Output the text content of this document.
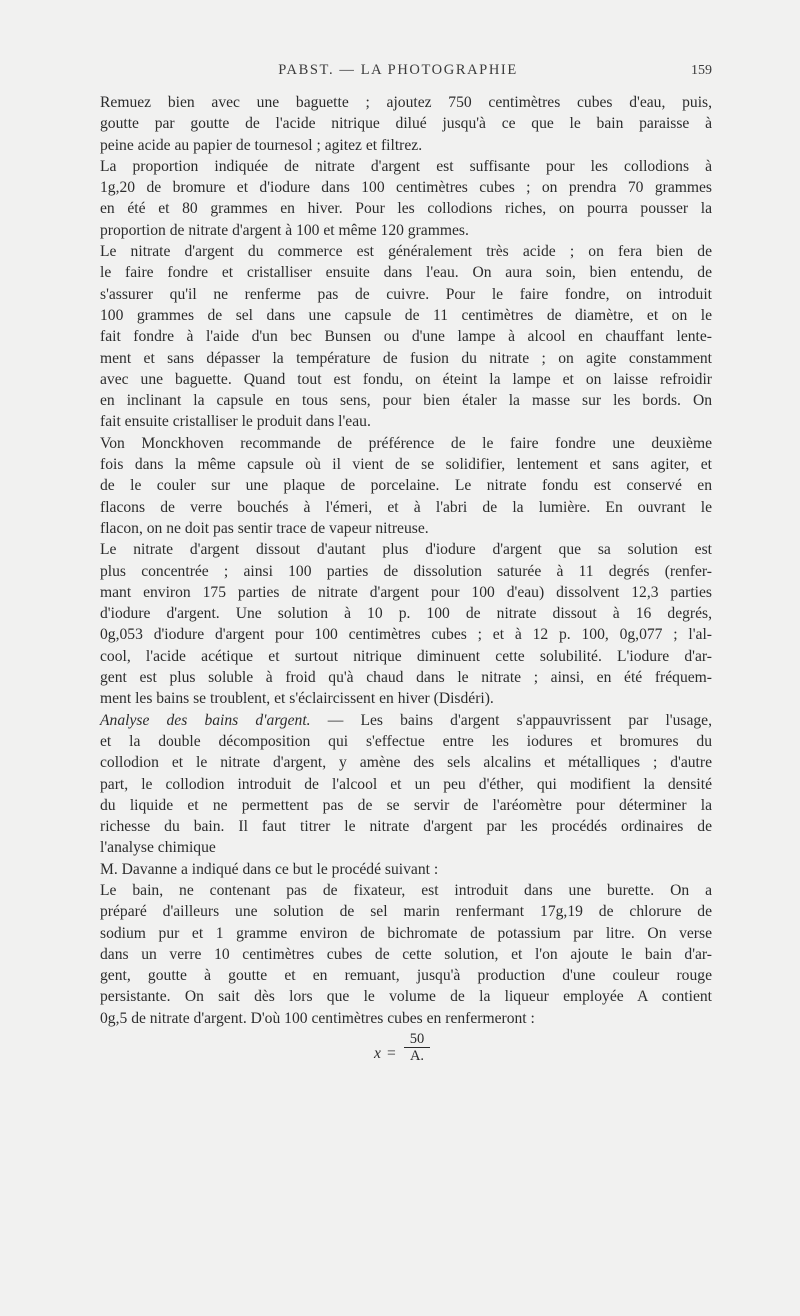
PABST. — LA PHOTOGRAPHIE	159

Remuez bien avec une baguette ; ajoutez 750 centimètres cubes d'eau, puis,
goutte par goutte de l'acide nitrique dilué jusqu'à ce que le bain paraisse à
peine acide au papier de tournesol ; agitez et filtrez.

La proportion indiquée de nitrate d'argent est suffisante pour les collodions à
1g,20 de bromure et d'iodure dans 100 centimètres cubes ; on prendra 70 grammes
en été et 80 grammes en hiver. Pour les collodions riches, on pourra pousser la
proportion de nitrate d'argent à 100 et même 120 grammes.

Le nitrate d'argent du commerce est généralement très acide ; on fera bien de
le faire fondre et cristalliser ensuite dans l'eau. On aura soin, bien entendu, de
s'assurer qu'il ne renferme pas de cuivre. Pour le faire fondre, on introduit
100 grammes de sel dans une capsule de 11 centimètres de diamètre, et on le
fait fondre à l'aide d'un bec Bunsen ou d'une lampe à alcool en chauffant lente-
ment et sans dépasser la température de fusion du nitrate ; on agite constamment
avec une baguette. Quand tout est fondu, on éteint la lampe et on laisse refroidir
en inclinant la capsule en tous sens, pour bien étaler la masse sur les bords. On
fait ensuite cristalliser le produit dans l'eau.

Von Monckhoven recommande de préférence de le faire fondre une deuxième
fois dans la même capsule où il vient de se solidifier, lentement et sans agiter, et
de le couler sur une plaque de porcelaine. Le nitrate fondu est conservé en
flacons de verre bouchés à l'émeri, et à l'abri de la lumière. En ouvrant le
flacon, on ne doit pas sentir trace de vapeur nitreuse.

Le nitrate d'argent dissout d'autant plus d'iodure d'argent que sa solution est
plus concentrée ; ainsi 100 parties de dissolution saturée à 11 degrés (renfer-
mant environ 175 parties de nitrate d'argent pour 100 d'eau) dissolvent 12,3 parties
d'iodure d'argent. Une solution à 10 p. 100 de nitrate dissout à 16 degrés,
0g,053 d'iodure d'argent pour 100 centimètres cubes ; et à 12 p. 100, 0g,077 ; l'al-
cool, l'acide acétique et surtout nitrique diminuent cette solubilité. L'iodure d'ar-
gent est plus soluble à froid qu'à chaud dans le nitrate ; ainsi, en été fréquem-
ment les bains se troublent, et s'éclaircissent en hiver (Disdéri).

Analyse des bains d'argent. — Les bains d'argent s'appauvrissent par l'usage,
et la double décomposition qui s'effectue entre les iodures et bromures du
collodion et le nitrate d'argent, y amène des sels alcalins et métalliques ; d'autre
part, le collodion introduit de l'alcool et un peu d'éther, qui modifient la densité
du liquide et ne permettent pas de se servir de l'aréomètre pour déterminer la
richesse du bain. Il faut titrer le nitrate d'argent par les procédés ordinaires de
l'analyse chimique

M. Davanne a indiqué dans ce but le procédé suivant :

Le bain, ne contenant pas de fixateur, est introduit dans une burette. On a
préparé d'ailleurs une solution de sel marin renfermant 17g,19 de chlorure de
sodium pur et 1 gramme environ de bichromate de potassium par litre. On verse
dans un verre 10 centimètres cubes de cette solution, et l'on ajoute le bain d'ar-
gent, goutte à goutte et en remuant, jusqu'à production d'une couleur rouge
persistante. On sait dès lors que le volume de la liqueur employée A contient
0g,5 de nitrate d'argent. D'où 100 centimètres cubes en renfermeront :

$x = \frac{50}{A.}$
